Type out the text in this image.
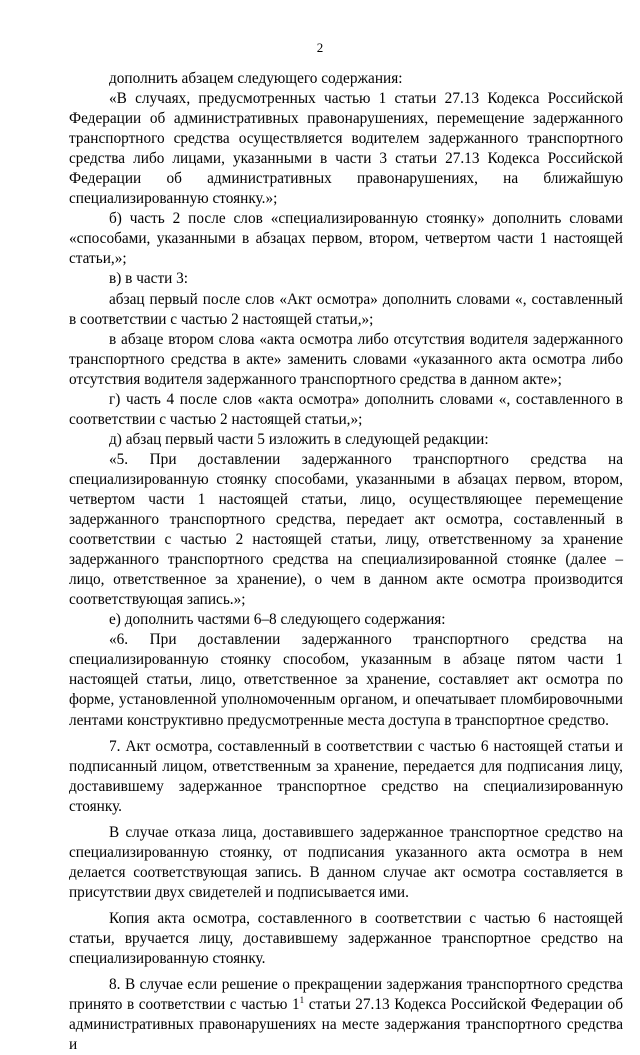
2

дополнить абзацем следующего содержания:

«В случаях, предусмотренных частью 1 статьи 27.13 Кодекса Российской Федерации об административных правонарушениях, перемещение задержанного транспортного средства осуществляется водителем задержанного транспортного средства либо лицами, указанными в части 3 статьи 27.13 Кодекса Российской Федерации об административных правонарушениях, на ближайшую специализированную стоянку.»;

б) часть 2 после слов «специализированную стоянку» дополнить словами «способами, указанными в абзацах первом, втором, четвертом части 1 настоящей статьи,»;

в) в части 3:

абзац первый после слов «Акт осмотра» дополнить словами «, составленный в соответствии с частью 2 настоящей статьи,»;

в абзаце втором слова «акта осмотра либо отсутствия водителя задержанного транспортного средства в акте» заменить словами «указанного акта осмотра либо отсутствия водителя задержанного транспортного средства в данном акте»;

г) часть 4 после слов «акта осмотра» дополнить словами «, составленного в соответствии с частью 2 настоящей статьи,»;

д) абзац первый части 5 изложить в следующей редакции:

«5. При доставлении задержанного транспортного средства на специализированную стоянку способами, указанными в абзацах первом, втором, четвертом части 1 настоящей статьи, лицо, осуществляющее перемещение задержанного транспортного средства, передает акт осмотра, составленный в соответствии с частью 2 настоящей статьи, лицу, ответственному за хранение задержанного транспортного средства на специализированной стоянке (далее – лицо, ответственное за хранение), о чем в данном акте осмотра производится соответствующая запись.»;

е) дополнить частями 6–8 следующего содержания:

«6. При доставлении задержанного транспортного средства на специализированную стоянку способом, указанным в абзаце пятом части 1 настоящей статьи, лицо, ответственное за хранение, составляет акт осмотра по форме, установленной уполномоченным органом, и опечатывает пломбировочными лентами конструктивно предусмотренные места доступа в транспортное средство.

7. Акт осмотра, составленный в соответствии с частью 6 настоящей статьи и подписанный лицом, ответственным за хранение, передается для подписания лицу, доставившему задержанное транспортное средство на специализированную стоянку.

В случае отказа лица, доставившего задержанное транспортное средство на специализированную стоянку, от подписания указанного акта осмотра в нем делается соответствующая запись. В данном случае акт осмотра составляется в присутствии двух свидетелей и подписывается ими.

Копия акта осмотра, составленного в соответствии с частью 6 настоящей статьи, вручается лицу, доставившему задержанное транспортное средство на специализированную стоянку.

8. В случае если решение о прекращении задержания транспортного средства принято в соответствии с частью $1^1$ статьи 27.13 Кодекса Российской Федерации об административных правонарушениях на месте задержания транспортного средства и
